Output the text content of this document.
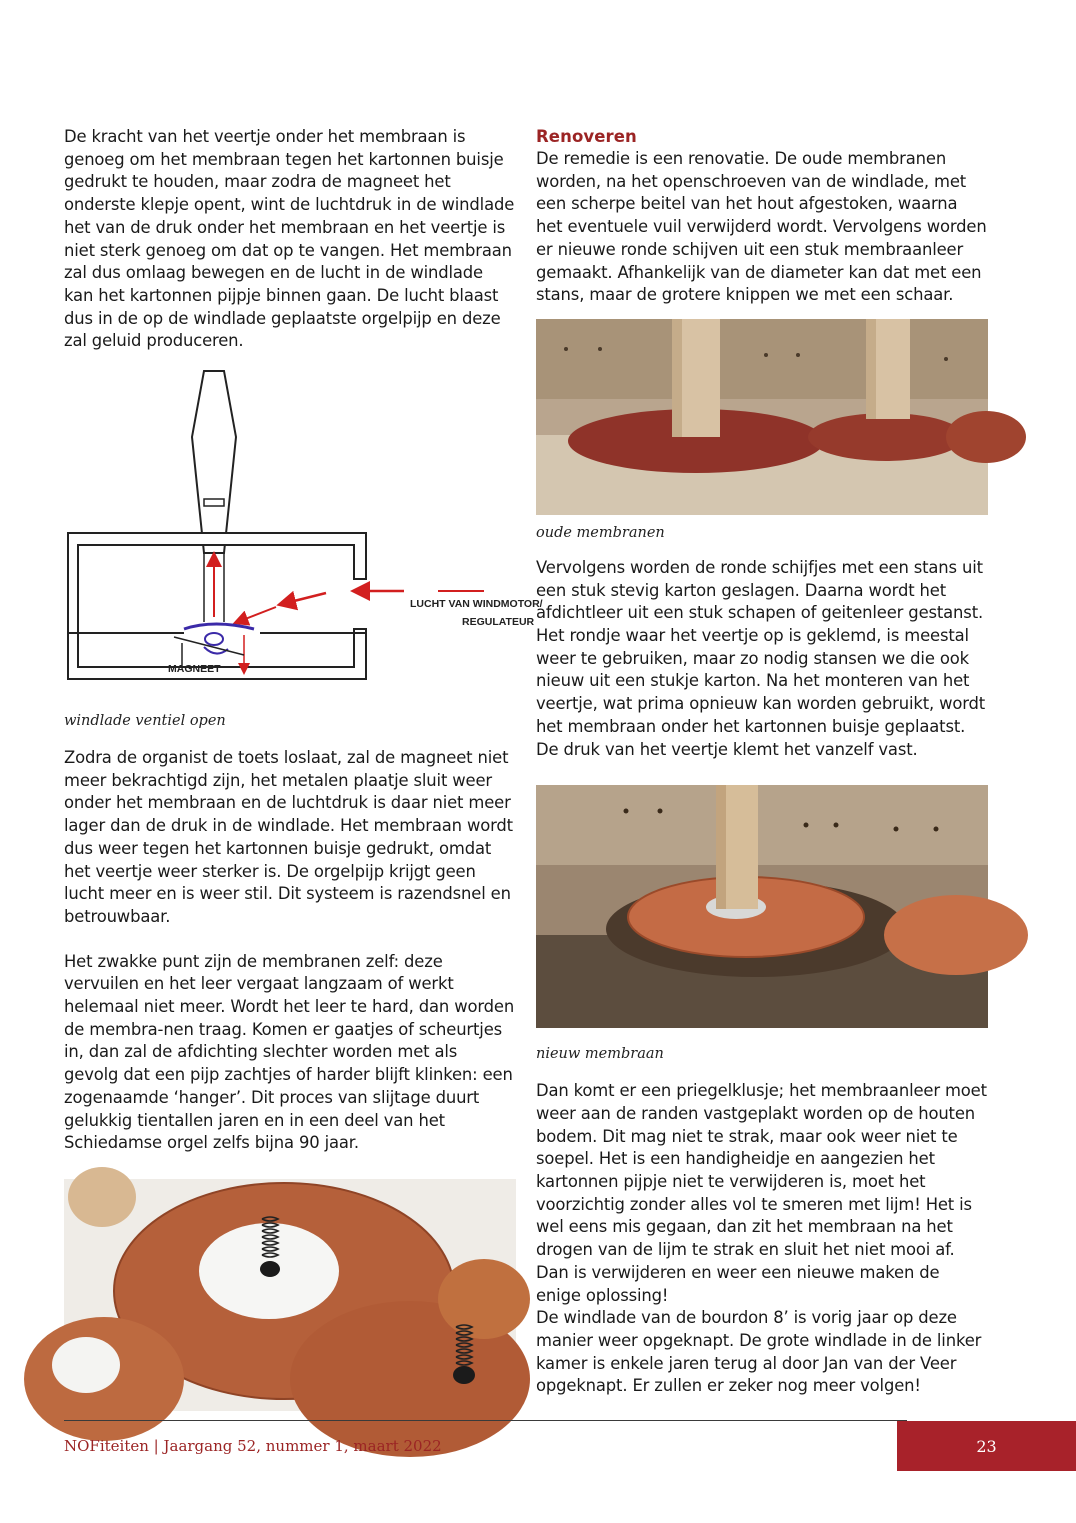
De kracht van het veertje onder het membraan is genoeg om het membraan tegen het kartonnen buisje gedrukt te houden, maar zodra de magneet het onderste klepje opent, wint de luchtdruk in de windlade het van de druk onder het membraan en het veertje is niet sterk genoeg om dat op te vangen. Het membraan zal dus omlaag bewegen en de lucht in de windlade kan het kartonnen pijpje binnen gaan. De lucht blaast dus in de op de windlade geplaatste orgelpijp en deze zal geluid produceren.

LUCHT VAN WINDMOTOR/
REGULATEUR
MAGNEET
windlade ventiel open

Zodra de organist de toets loslaat, zal de magneet niet meer bekrachtigd zijn, het metalen plaatje sluit weer onder het membraan en de luchtdruk is daar niet meer lager dan de druk in de windlade. Het membraan wordt dus weer tegen het kartonnen buisje gedrukt, omdat het veertje weer sterker is. De orgelpijp krijgt geen lucht meer en is weer stil. Dit systeem is razendsnel en betrouwbaar.

Het zwakke punt zijn de membranen zelf: deze vervuilen en het leer vergaat langzaam of werkt helemaal niet meer. Wordt het leer te hard, dan worden de membra-nen traag. Komen er gaatjes of scheurtjes in, dan zal de afdichting slechter worden met als gevolg dat een pijp zachtjes of harder blijft klinken: een zogenaamde ‘hanger’. Dit proces van slijtage duurt gelukkig tientallen jaren en in een deel van het Schiedamse orgel zelfs bijna 90 jaar.

Renoveren

De remedie is een renovatie. De oude membranen worden, na het openschroeven van de windlade, met een scherpe beitel van het hout afgestoken, waarna het eventuele vuil verwijderd wordt. Vervolgens worden er nieuwe ronde schijven uit een stuk membraanleer gemaakt. Afhankelijk van de diameter kan dat met een stans, maar de grotere knippen we met een schaar.

oude membranen

Vervolgens worden de ronde schijfjes met een stans uit een stuk stevig karton geslagen. Daarna wordt het afdichtleer uit een stuk schapen of geitenleer gestanst. Het rondje waar het veertje op is geklemd, is meestal weer te gebruiken, maar zo nodig stansen we die ook nieuw uit een stukje karton. Na het monteren van het veertje, wat prima opnieuw kan worden gebruikt, wordt het membraan onder het kartonnen buisje geplaatst. De druk van het veertje klemt het vanzelf vast.

nieuw membraan

Dan komt er een priegelklusje; het membraanleer moet weer aan de randen vastgeplakt worden op de houten bodem. Dit mag niet te strak, maar ook weer niet te soepel. Het is een handigheidje en aangezien het kartonnen pijpje niet te verwijderen is, moet het voorzichtig zonder alles vol te smeren met lijm! Het is wel eens mis gegaan, dan zit het membraan na het drogen van de lijm te strak en sluit het niet mooi af. Dan is verwijderen en weer een nieuwe maken de enige oplossing!

De windlade van de bourdon 8’ is vorig jaar op deze manier weer opgeknapt. De grote windlade in de linker kamer is enkele jaren terug al door Jan van der Veer opgeknapt. Er zullen er zeker nog meer volgen!

NOFiteiten | Jaargang 52, nummer 1, maart 2022	23
